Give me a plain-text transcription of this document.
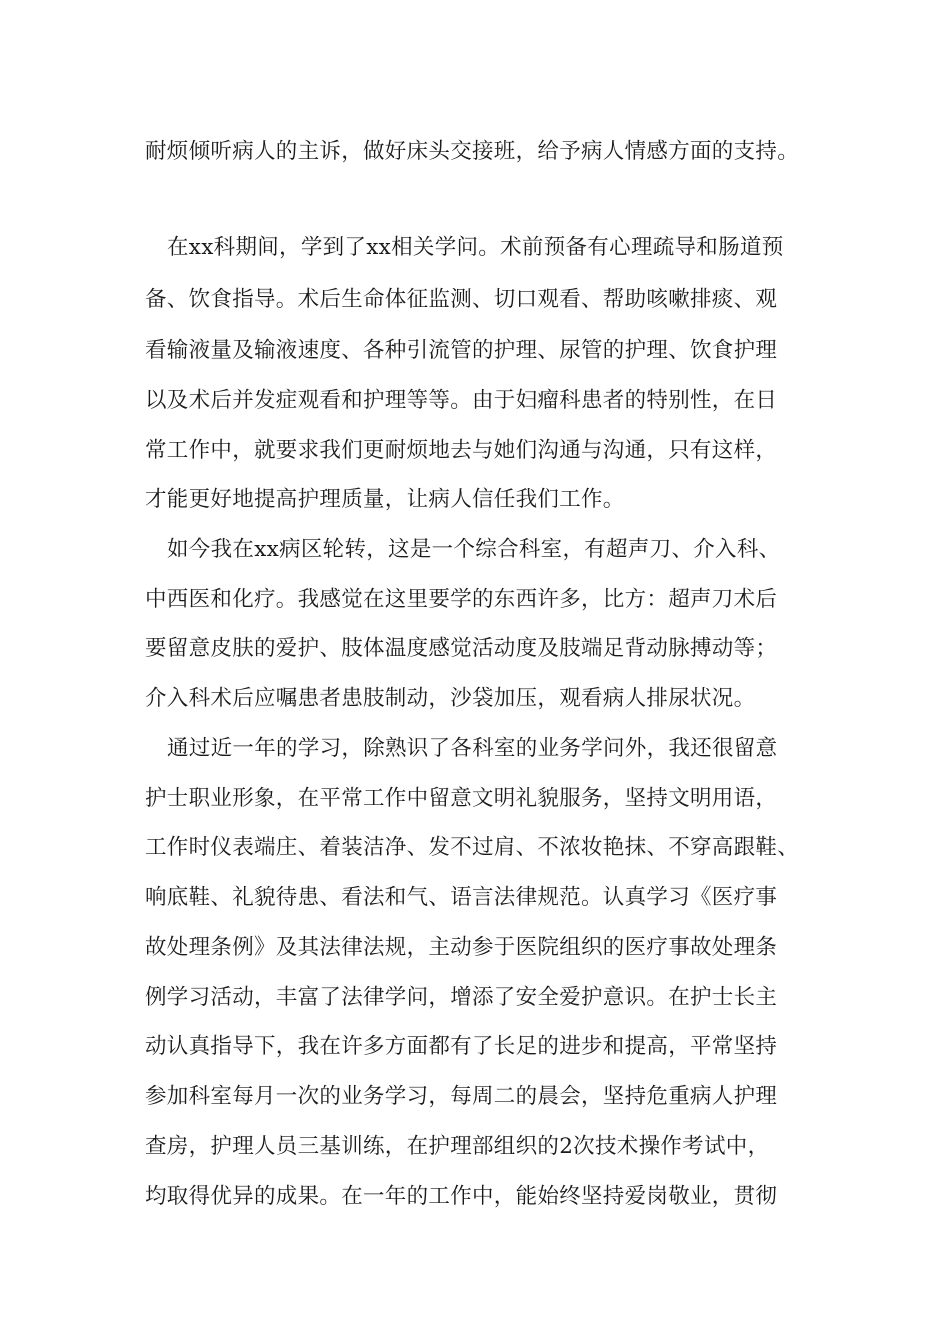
耐烦倾听病人的主诉，做好床头交接班，给予病人情感方面的支持。
在xx科期间，学到了xx相关学问。术前预备有心理疏导和肠道预
备、饮食指导。术后生命体征监测、切口观看、帮助咳嗽排痰、观
看输液量及输液速度、各种引流管的护理、尿管的护理、饮食护理
以及术后并发症观看和护理等等。由于妇瘤科患者的特别性，在日
常工作中，就要求我们更耐烦地去与她们沟通与沟通，只有这样，
才能更好地提高护理质量，让病人信任我们工作。
如今我在xx病区轮转，这是一个综合科室，有超声刀、介入科、
中西医和化疗。我感觉在这里要学的东西许多，比方：超声刀术后
要留意皮肤的爱护、肢体温度感觉活动度及肢端足背动脉搏动等；
介入科术后应嘱患者患肢制动，沙袋加压，观看病人排尿状况。
通过近一年的学习，除熟识了各科室的业务学问外，我还很留意
护士职业形象，在平常工作中留意文明礼貌服务，坚持文明用语，
工作时仪表端庄、着装洁净、发不过肩、不浓妆艳抹、不穿高跟鞋、
响底鞋、礼貌待患、看法和气、语言法律规范。认真学习《医疗事
故处理条例》及其法律法规，主动参于医院组织的医疗事故处理条
例学习活动，丰富了法律学问，增添了安全爱护意识。在护士长主
动认真指导下，我在许多方面都有了长足的进步和提高，平常坚持
参加科室每月一次的业务学习，每周二的晨会，坚持危重病人护理
查房，护理人员三基训练，在护理部组织的2次技术操作考试中，
均取得优异的成果。在一年的工作中，能始终坚持爱岗敬业，贯彻
